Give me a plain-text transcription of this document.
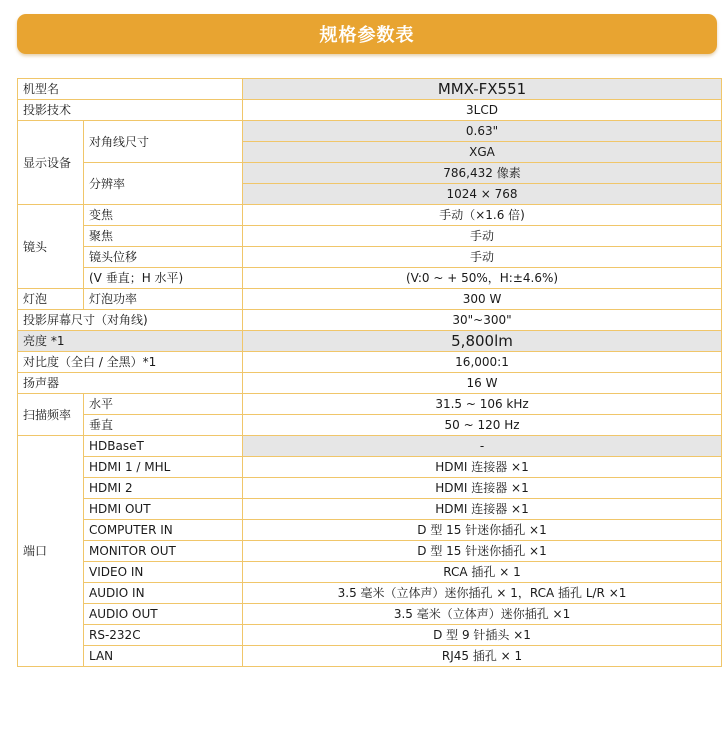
规格参数表
机型名		MMX-FX551
投影技术		3LCD
显示设备	对角线尺寸	0.63"
		XGA
	分辨率	786,432 像素
		1024 × 768
镜头	变焦	手动（×1.6 倍)
	聚焦	手动
	镜头位移	手动
	(V 垂直；H 水平)	(V:0 ~ + 50%，H:±4.6%)
灯泡	灯泡功率	300 W
投影屏幕尺寸（对角线)		30"~300"
亮度 *1		5,800lm
对比度（全白 / 全黑）*1		16,000:1
扬声器		16 W
扫描频率	水平	31.5 ~ 106 kHz
	垂直	50 ~ 120 Hz
端口	HDBaseT	-
	HDMI 1 / MHL	HDMI 连接器 ×1
	HDMI 2	HDMI 连接器 ×1
	HDMI OUT	HDMI 连接器 ×1
	COMPUTER IN	D 型 15 针迷你插孔 ×1
	MONITOR OUT	D 型 15 针迷你插孔 ×1
	VIDEO IN	RCA 插孔 × 1
	AUDIO IN	3.5 毫米（立体声）迷你插孔 × 1，RCA 插孔 L/R ×1
	AUDIO OUT	3.5 毫米（立体声）迷你插孔 ×1
	RS-232C	D 型 9 针插头 ×1
	LAN	RJ45 插孔 × 1
